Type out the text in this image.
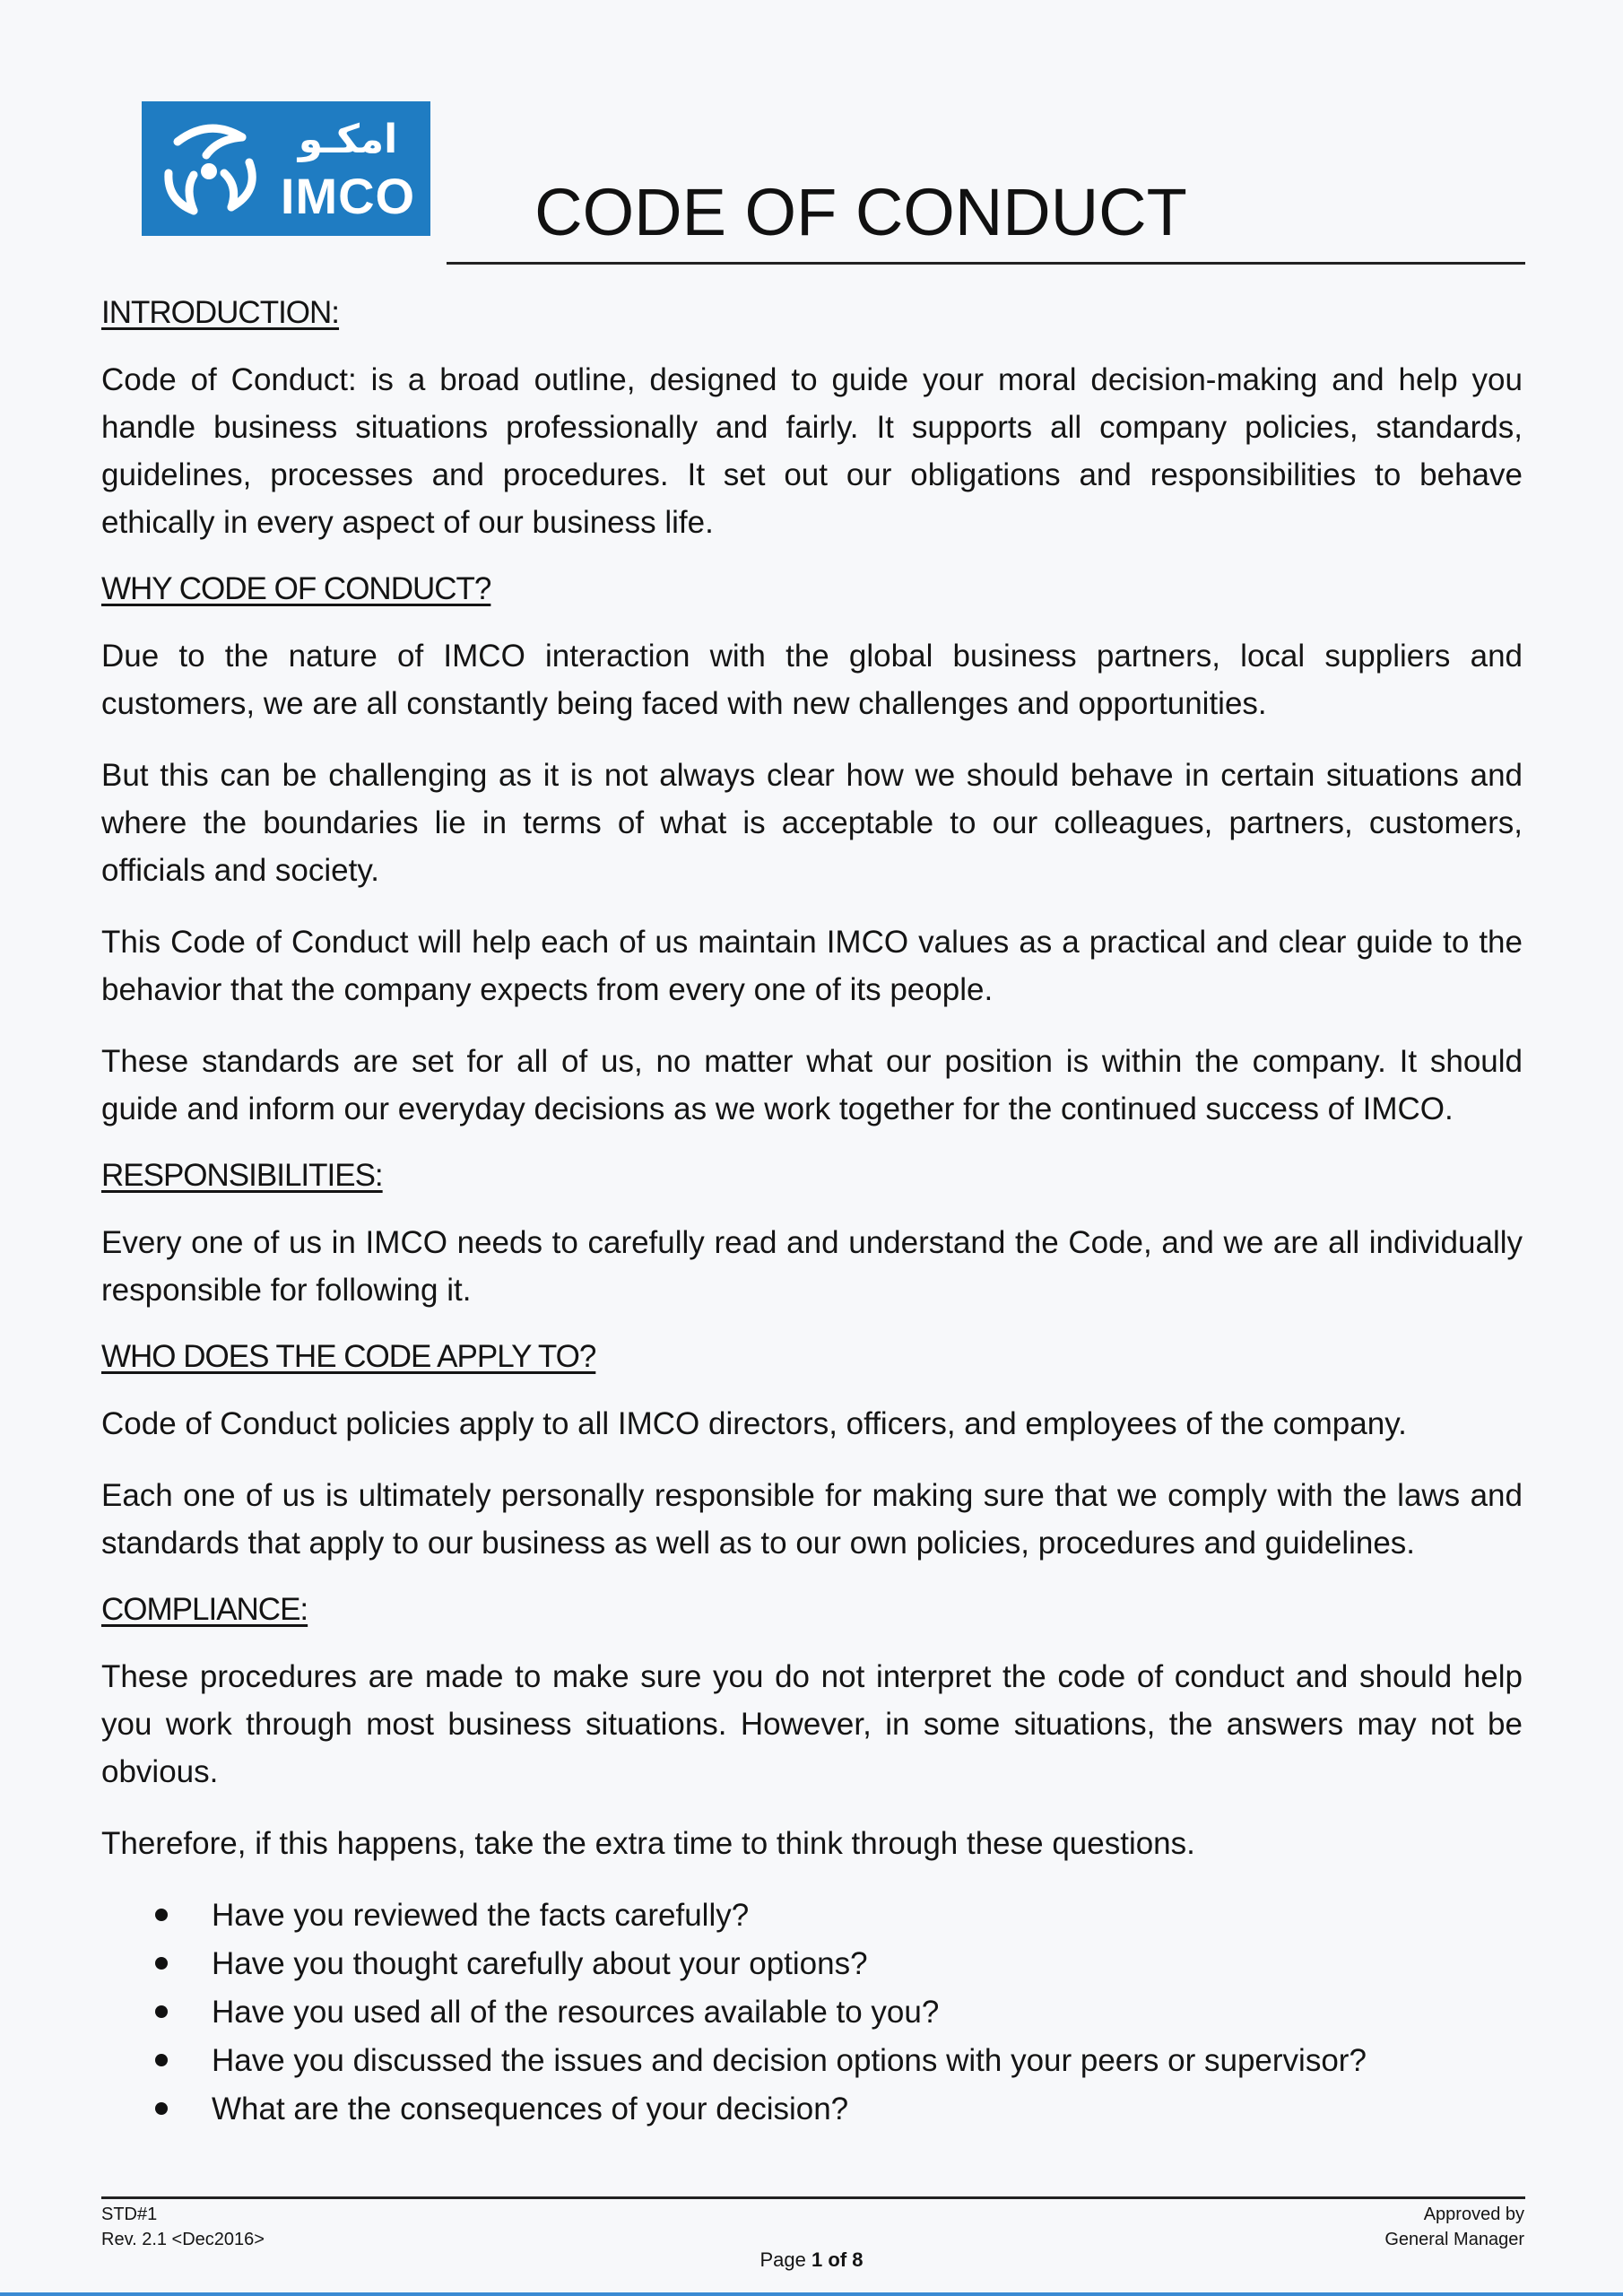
امكـو
IMCO	CODE OF CONDUCT
INTRODUCTION:

Code of Conduct: is a broad outline, designed to guide your moral decision-making and help you handle business situations professionally and fairly. It supports all company policies, standards, guidelines, processes and procedures. It set out our obligations and responsibilities to behave ethically in every aspect of our business life.

WHY CODE OF CONDUCT?

Due to the nature of IMCO interaction with the global business partners, local suppliers and customers, we are all constantly being faced with new challenges and opportunities.

But this can be challenging as it is not always clear how we should behave in certain situations and where the boundaries lie in terms of what is acceptable to our colleagues, partners, customers, officials and society.

This Code of Conduct will help each of us maintain IMCO values as a practical and clear guide to the behavior that the company expects from every one of its people.

These standards are set for all of us, no matter what our position is within the company. It should guide and inform our everyday decisions as we work together for the continued success of IMCO.

RESPONSIBILITIES:

Every one of us in IMCO needs to carefully read and understand the Code, and we are all individually responsible for following it.

WHO DOES THE CODE APPLY TO?

Code of Conduct policies apply to all IMCO directors, officers, and employees of the company.

Each one of us is ultimately personally responsible for making sure that we comply with the laws and standards that apply to our business as well as to our own policies, procedures and guidelines.

COMPLIANCE:

These procedures are made to make sure you do not interpret the code of conduct and should help you work through most business situations. However, in some situations, the answers may not be obvious.

Therefore, if this happens, take the extra time to think through these questions.

Have you reviewed the facts carefully?
Have you thought carefully about your options?
Have you used all of the resources available to you?
Have you discussed the issues and decision options with your peers or supervisor?
What are the consequences of your decision?
STD#1
Rev. 2.1 <Dec2016>
Approved by
General Manager
Page 1 of 8
